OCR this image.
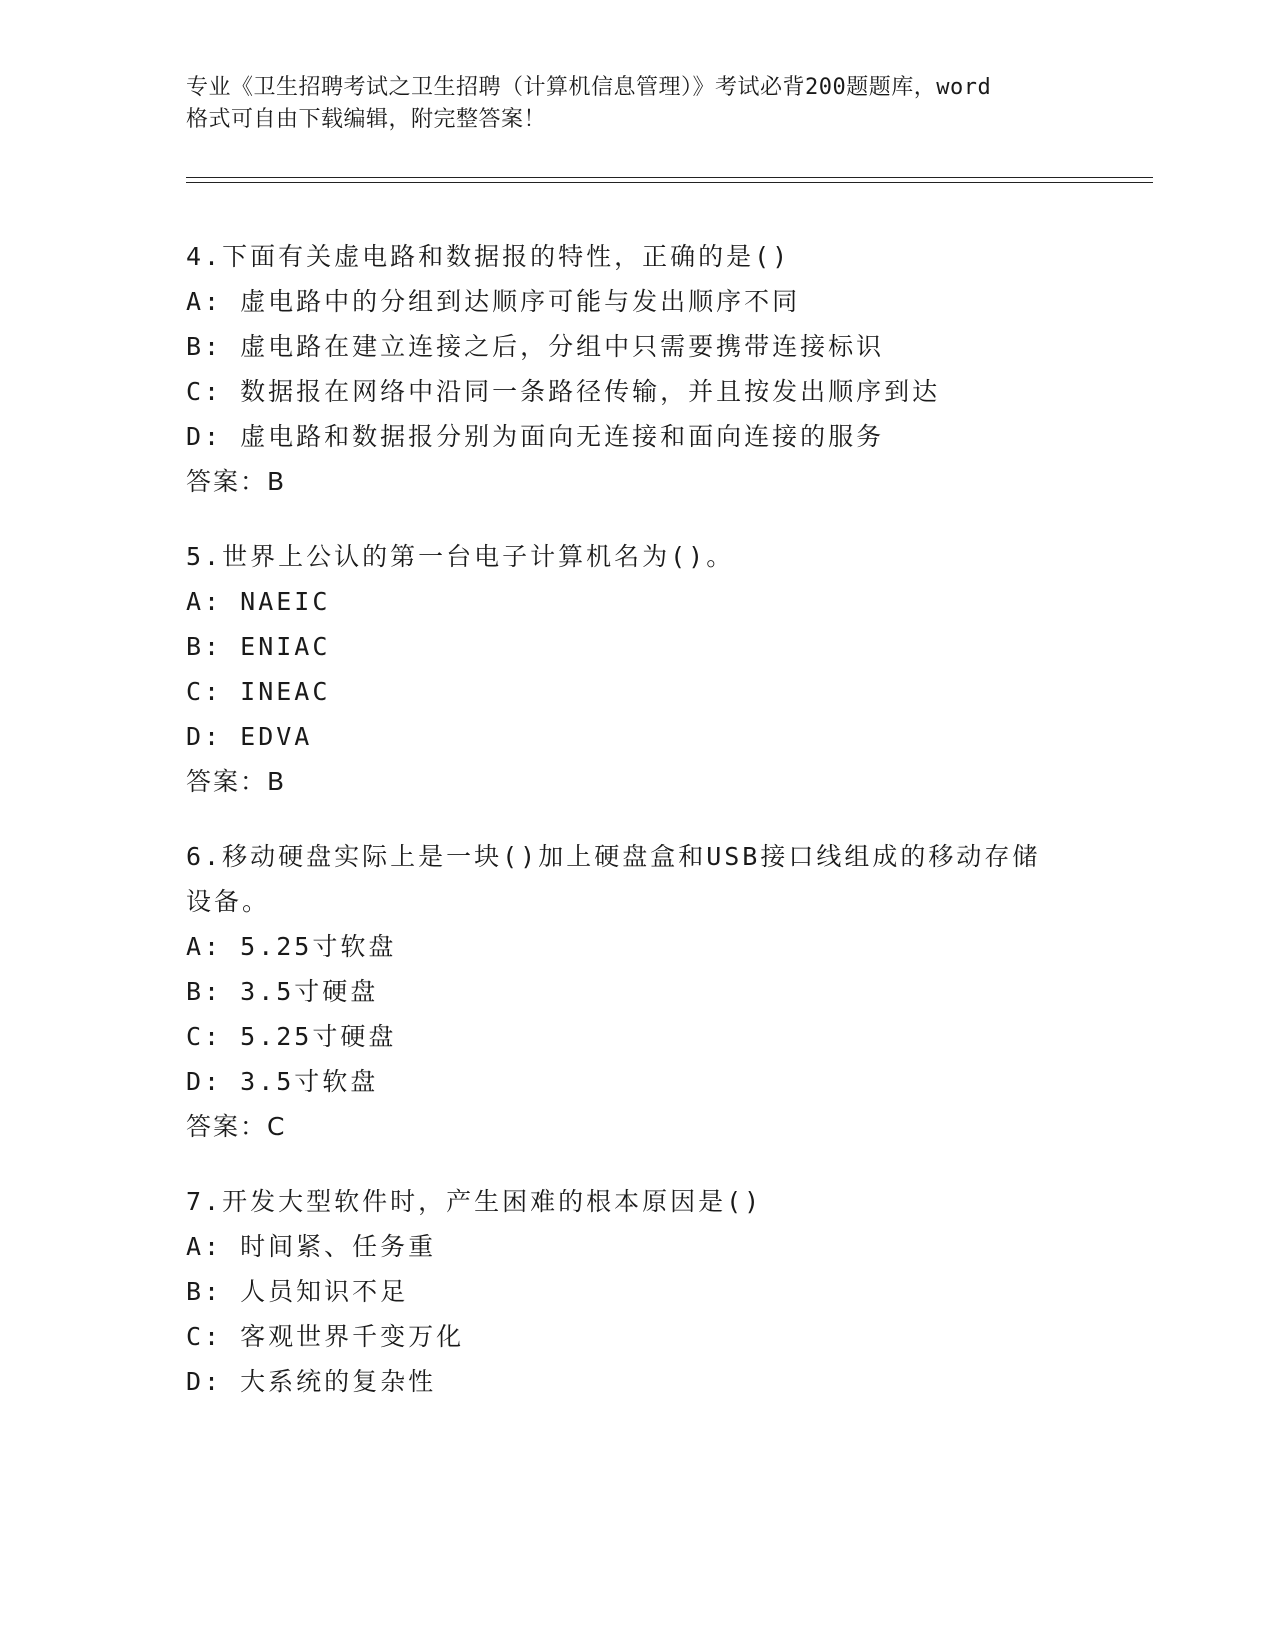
专业《卫生招聘考试之卫生招聘（计算机信息管理）》考试必背200题题库，word
格式可自由下载编辑，附完整答案！
4.下面有关虚电路和数据报的特性，正确的是()
A: 虚电路中的分组到达顺序可能与发出顺序不同
B: 虚电路在建立连接之后，分组中只需要携带连接标识
C: 数据报在网络中沿同一条路径传输，并且按发出顺序到达
D: 虚电路和数据报分别为面向无连接和面向连接的服务
答案：B
5.世界上公认的第一台电子计算机名为()。
A: NAEIC
B: ENIAC
C: INEAC
D: EDVA
答案：B
6.移动硬盘实际上是一块()加上硬盘盒和USB接口线组成的移动存储
设备。
A: 5.25寸软盘
B: 3.5寸硬盘
C: 5.25寸硬盘
D: 3.5寸软盘
答案：C
7.开发大型软件时，产生困难的根本原因是()
A: 时间紧、任务重
B: 人员知识不足
C: 客观世界千变万化
D: 大系统的复杂性
